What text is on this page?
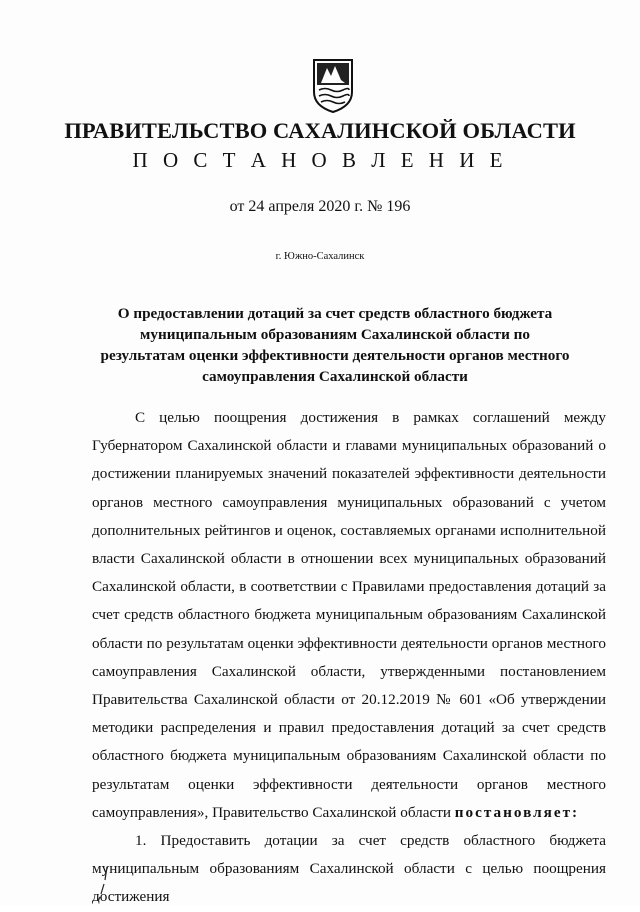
ПРАВИТЕЛЬСТВО САХАЛИНСКОЙ ОБЛАСТИ
П О С Т А Н О В Л Е Н И Е
от 24 апреля 2020 г. № 196
г. Южно-Сахалинск
О предоставлении дотаций за счет средств областного бюджета муниципальным образованиям Сахалинской области по результатам оценки эффективности деятельности органов местного самоуправления Сахалинской области

С целью поощрения достижения в рамках соглашений между Губернатором Сахалинской области и главами муниципальных образований о достижении планируемых значений показателей эффективности деятельности органов местного самоуправления муниципальных образований с учетом дополнительных рейтингов и оценок, составляемых органами исполнительной власти Сахалинской области в отношении всех муниципальных образований Сахалинской области, в соответствии с Правилами предоставления дотаций за счет средств областного бюджета муниципальным образованиям Сахалинской области по результатам оценки эффективности деятельности органов местного самоуправления Сахалинской области, утвержденными постановлением Правительства Сахалинской области от 20.12.2019 № 601 «Об утверждении методики распределения и правил предоставления дотаций за счет средств областного бюджета муниципальным образованиям Сахалинской области по результатам оценки эффективности деятельности органов местного самоуправления», Правительство Сахалинской области постановляет:

1. Предоставить дотации за счет средств областного бюджета муниципальным образованиям Сахалинской области с целью поощрения достижения
